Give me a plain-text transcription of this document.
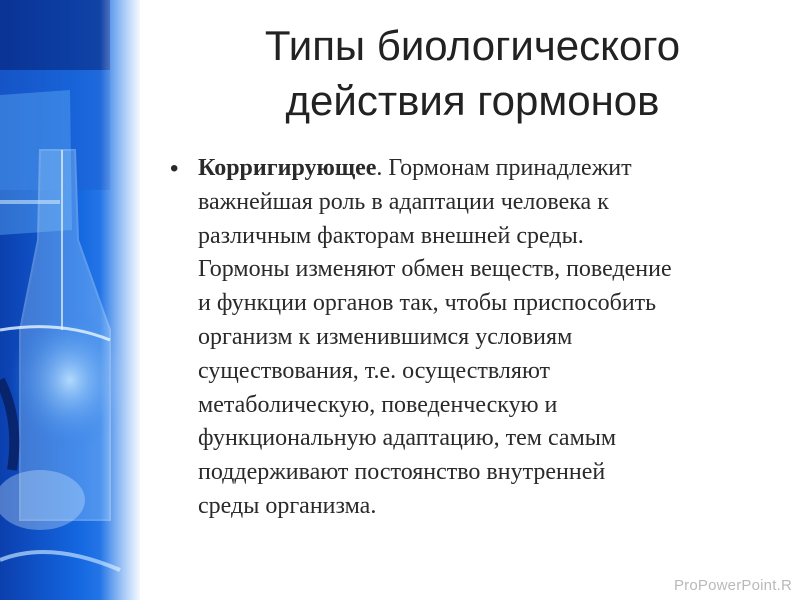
Типы биологического
действия гормонов
• Корригирующее. Гормонам принадлежит
важнейшая роль в адаптации человека к
различным факторам внешней среды.
Гормоны изменяют обмен веществ, поведение
и функции органов так, чтобы приспособить
организм к изменившимся условиям
существования, т.е. осуществляют
метаболическую, поведенческую и
функциональную адаптацию, тем самым
поддерживают постоянство внутренней
среды организма.
ProPowerPoint.R
